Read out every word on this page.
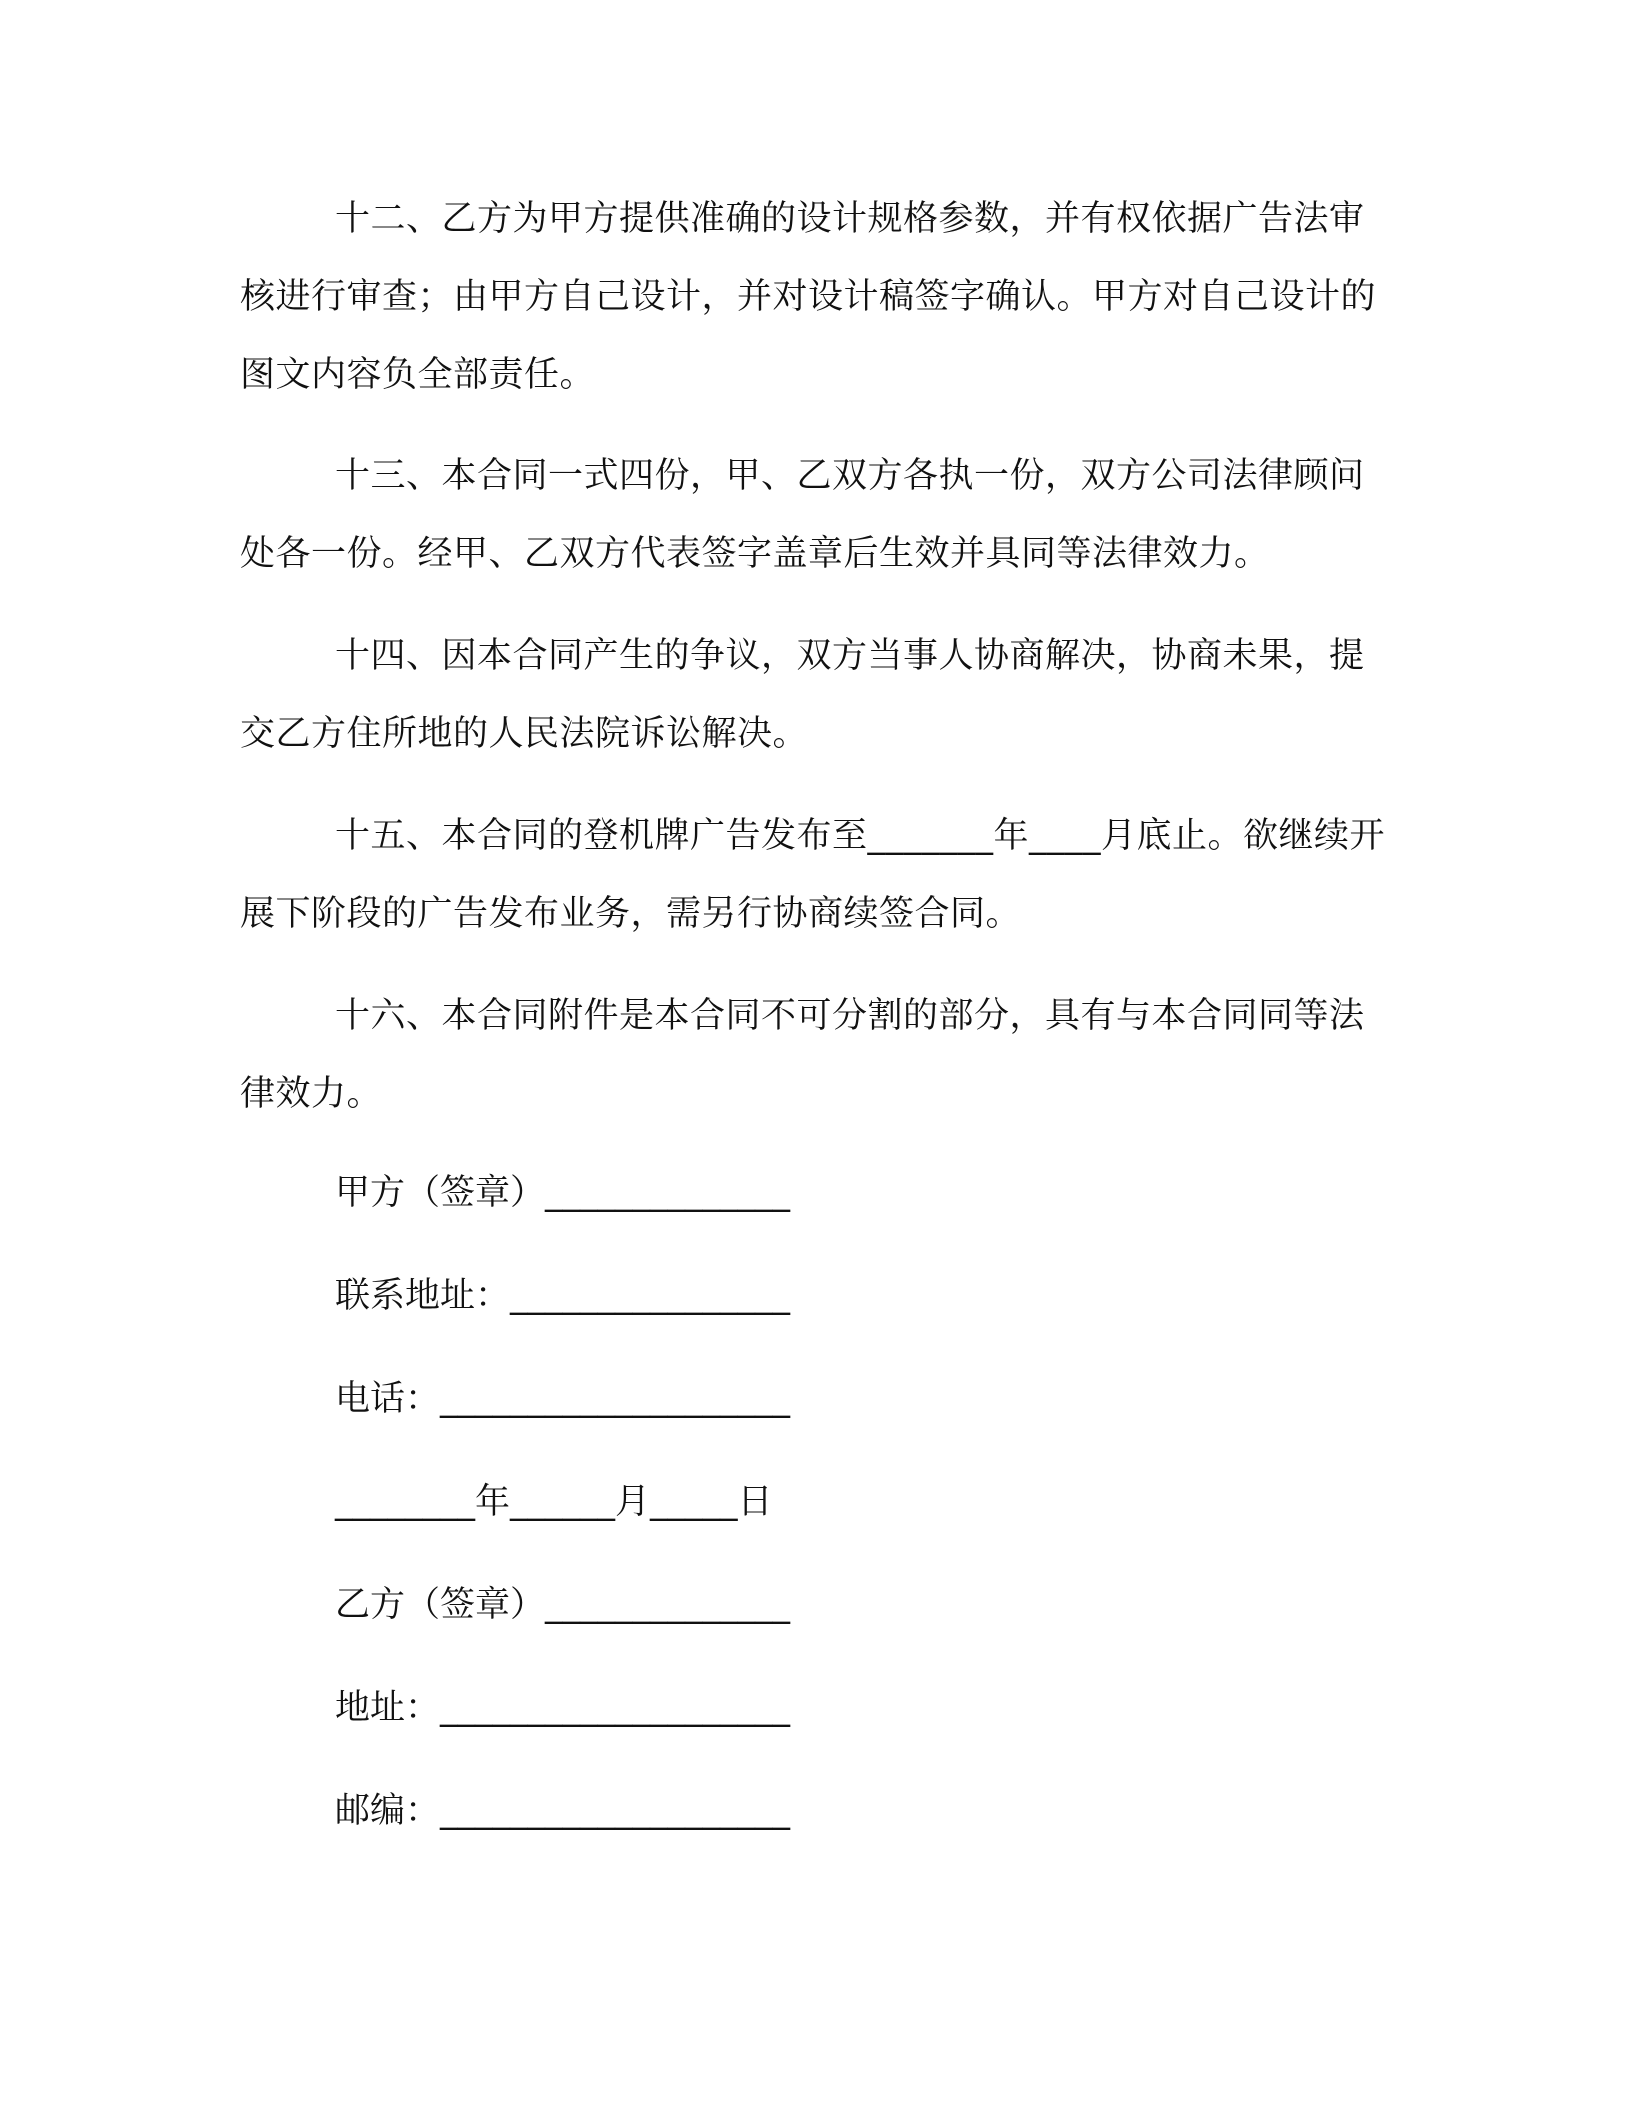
十二、乙方为甲方提供准确的设计规格参数，并有权依据广告法审核进行审查；由甲方自己设计，并对设计稿签字确认。甲方对自己设计的图文内容负全部责任。

十三、本合同一式四份，甲、乙双方各执一份，双方公司法律顾问处各一份。经甲、乙双方代表签字盖章后生效并具同等法律效力。

十四、因本合同产生的争议，双方当事人协商解决，协商未果，提交乙方住所地的人民法院诉讼解决。

十五、本合同的登机牌广告发布至_______年____月底止。欲继续开展下阶段的广告发布业务，需另行协商续签合同。

十六、本合同附件是本合同不可分割的部分，具有与本合同同等法律效力。

甲方（签章）______________

联系地址：________________

电话：____________________

________年______月_____日

乙方（签章）______________

地址：____________________

邮编：____________________
